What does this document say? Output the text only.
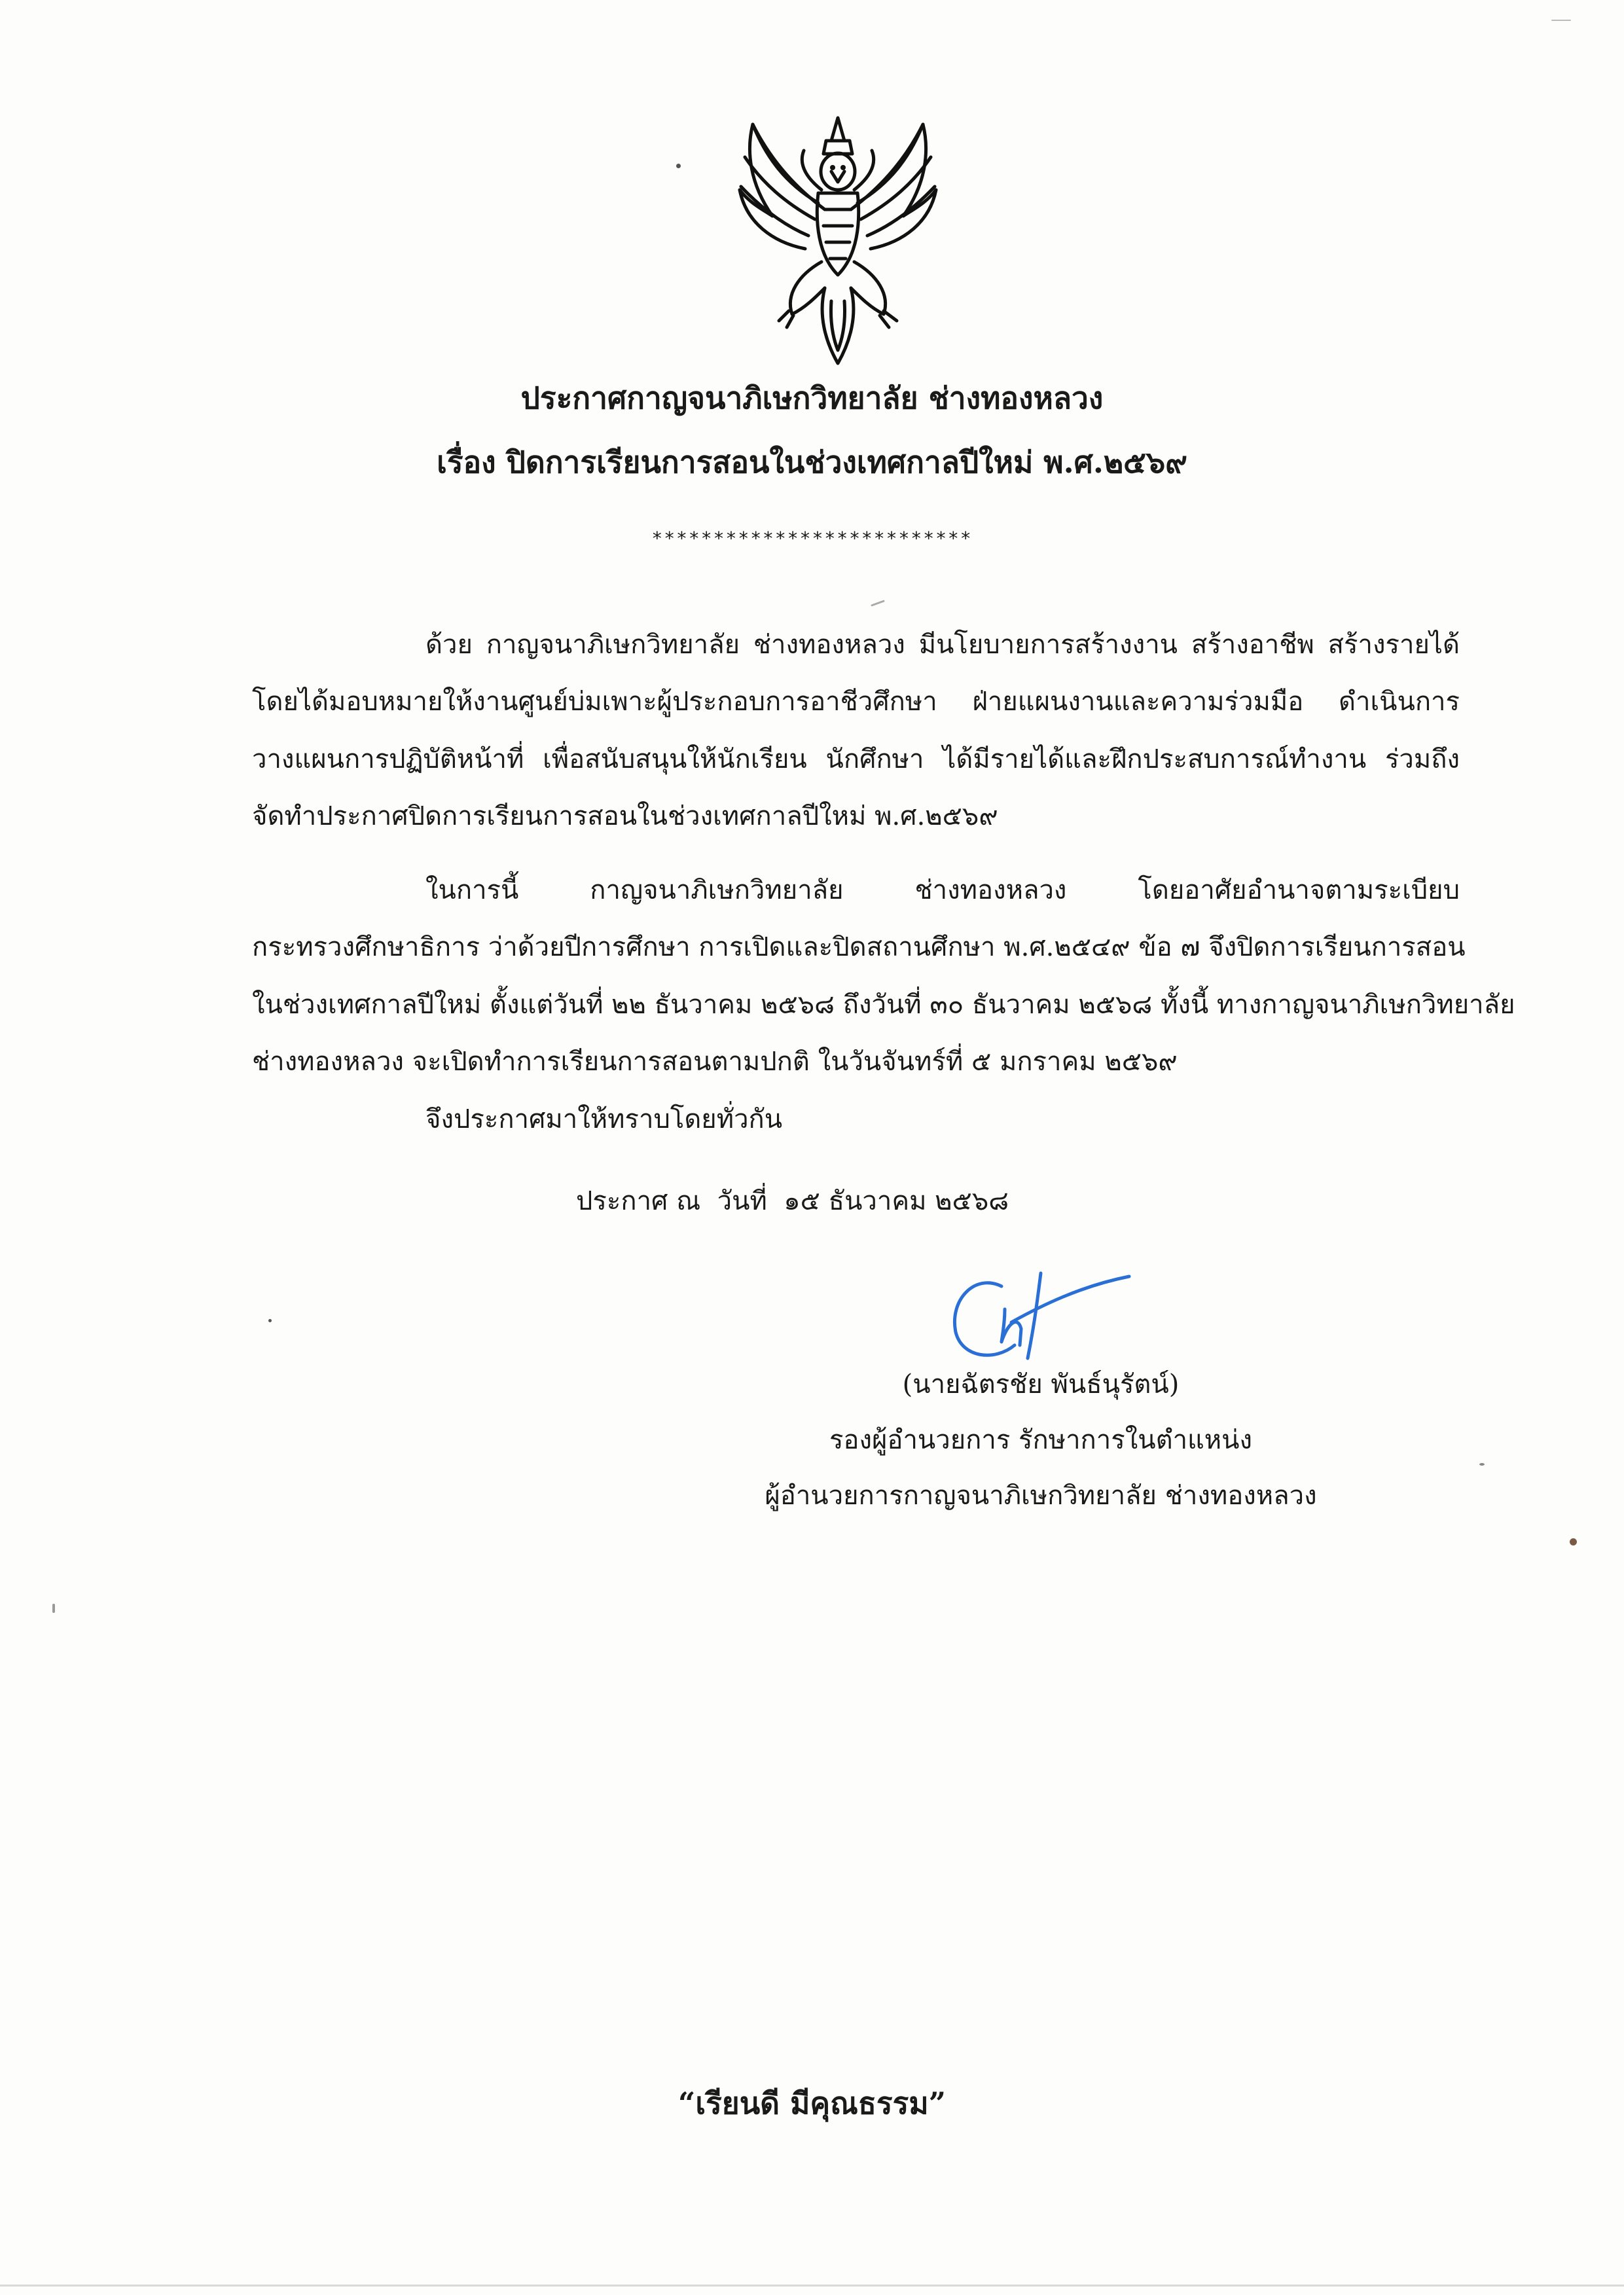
ประกาศกาญจนาภิเษกวิทยาลัย ช่างทองหลวง
เรื่อง ปิดการเรียนการสอนในช่วงเทศกาลปีใหม่ พ.ศ.๒๕๖๙
**************************
ด้วย กาญจนาภิเษกวิทยาลัย ช่างทองหลวง มีนโยบายการสร้างงาน สร้างอาชีพ สร้างรายได้
โดยได้มอบหมายให้งานศูนย์บ่มเพาะผู้ประกอบการอาชีวศึกษา ฝ่ายแผนงานและความร่วมมือ ดำเนินการ
วางแผนการปฏิบัติหน้าที่ เพื่อสนับสนุนให้นักเรียน นักศึกษา ได้มีรายได้และฝึกประสบการณ์ทำงาน ร่วมถึง
จัดทำประกาศปิดการเรียนการสอนในช่วงเทศกาลปีใหม่ พ.ศ.๒๕๖๙
ในการนี้ กาญจนาภิเษกวิทยาลัย ช่างทองหลวง โดยอาศัยอำนาจตามระเบียบ
กระทรวงศึกษาธิการ ว่าด้วยปีการศึกษา การเปิดและปิดสถานศึกษา พ.ศ.๒๕๔๙ ข้อ ๗ จึงปิดการเรียนการสอน
ในช่วงเทศกาลปีใหม่ ตั้งแต่วันที่ ๒๒ ธันวาคม ๒๕๖๘ ถึงวันที่ ๓๐ ธันวาคม ๒๕๖๘ ทั้งนี้ ทางกาญจนาภิเษกวิทยาลัย
ช่างทองหลวง จะเปิดทำการเรียนการสอนตามปกติ ในวันจันทร์ที่ ๕ มกราคม ๒๕๖๙
จึงประกาศมาให้ทราบโดยทั่วกัน
ประกาศ ณ  วันที่  ๑๕ ธันวาคม ๒๕๖๘
(นายฉัตรชัย พันธ์นุรัตน์)
รองผู้อำนวยการ รักษาการในตำแหน่ง
ผู้อำนวยการกาญจนาภิเษกวิทยาลัย ช่างทองหลวง
“เรียนดี มีคุณธรรม”
